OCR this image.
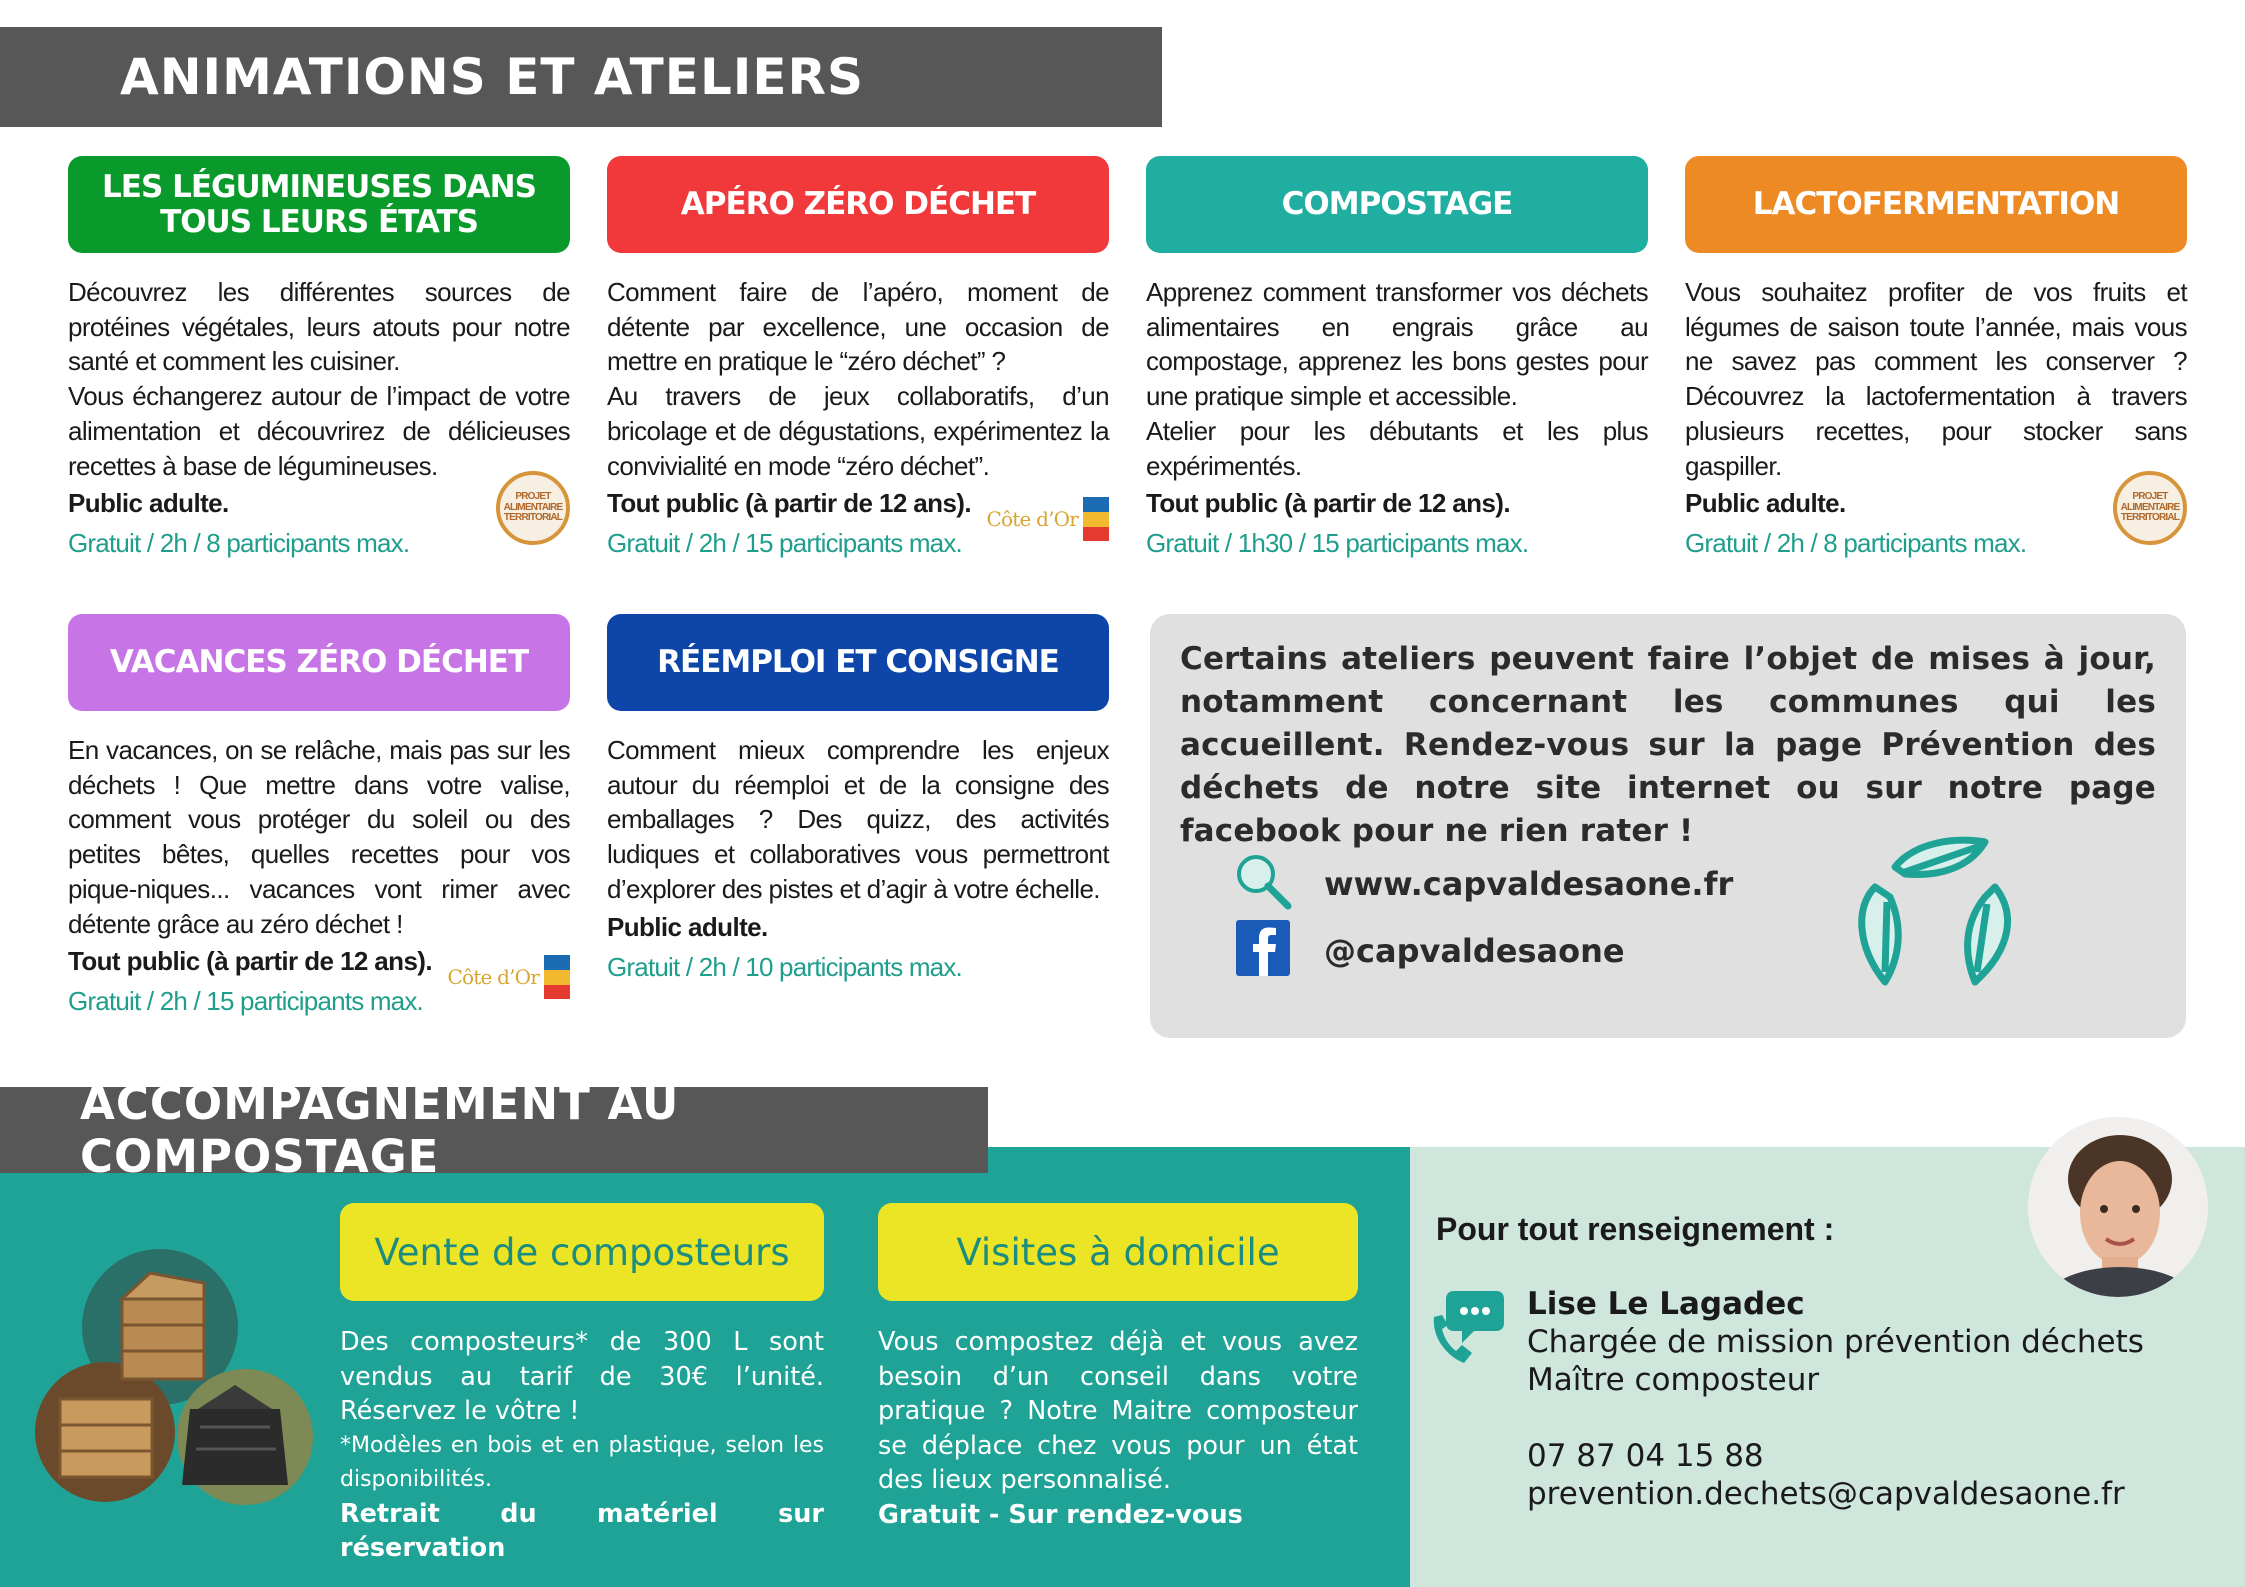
ANIMATIONS ET ATELIERS
LES LÉGUMINEUSES DANS TOUS LEURS ÉTATS

Découvrez les différentes sources de protéines végétales, leurs atouts pour notre santé et comment les cuisiner.

Vous échangerez autour de l’impact de votre alimentation et découvrirez de délicieuses recettes à base de légumineuses.

Public adulte.
Gratuit / 2h / 8 participants max.
PROJET ALIMENTAIRE TERRITORIAL
APÉRO ZÉRO DÉCHET

Comment faire de l’apéro, moment de détente par excellence, une occasion de mettre en pratique le “zéro déchet” ?

Au travers de jeux collaboratifs, d’un bricolage et de dégustations, expérimentez la convivialité en mode “zéro déchet”.

Tout public (à partir de 12 ans).
Gratuit / 2h / 15 participants max.
Côte d’Or
COMPOSTAGE

Apprenez comment transformer vos déchets alimentaires en engrais grâce au compostage, apprenez les bons gestes pour une pratique simple et accessible.

Atelier pour les débutants et les plus expérimentés.

Tout public (à partir de 12 ans).
Gratuit / 1h30 / 15 participants max.
LACTOFERMENTATION

Vous souhaitez profiter de vos fruits et légumes de saison toute l’année, mais vous ne savez pas comment les conserver ? Découvrez la lactofermentation à travers plusieurs recettes, pour stocker sans gaspiller.

Public adulte.
Gratuit / 2h / 8 participants max.
PROJET ALIMENTAIRE TERRITORIAL
VACANCES ZÉRO DÉCHET

En vacances, on se relâche, mais pas sur les déchets ! Que mettre dans votre valise, comment vous protéger du soleil ou des petites bêtes, quelles recettes pour vos pique-niques... vacances vont rimer avec détente grâce au zéro déchet !

Tout public (à partir de 12 ans).
Gratuit / 2h / 15 participants max.
Côte d’Or
RÉEMPLOI ET CONSIGNE

Comment mieux comprendre les enjeux autour du réemploi et de la consigne des emballages ? Des quizz, des activités ludiques et collaboratives vous permettront d’explorer des pistes et d’agir à votre échelle.

Public adulte.
Gratuit / 2h / 10 participants max.
Certains ateliers peuvent faire l’objet de mises à jour, notamment concernant les communes qui les accueillent. Rendez-vous sur la page Prévention des déchets de notre site internet ou sur notre page facebook pour ne rien rater !
www.capvaldesaone.fr
@capvaldesaone
ACCOMPAGNEMENT AU COMPOSTAGE
Vente de composteurs
Des composteurs* de 300 L sont vendus au tarif de 30€ l’unité. Réservez le vôtre !
*Modèles en bois et en plastique, selon les disponibilités.
Retrait du matériel sur réservation
Visites à domicile
Vous compostez déjà et vous avez besoin d’un conseil dans votre pratique ? Notre Maitre composteur se déplace chez vous pour un état des lieux personnalisé.
Gratuit - Sur rendez-vous
Pour tout renseignement :
Lise Le Lagadec
Chargée de mission prévention déchets
Maître composteur
07 87 04 15 88
prevention.dechets@capvaldesaone.fr
